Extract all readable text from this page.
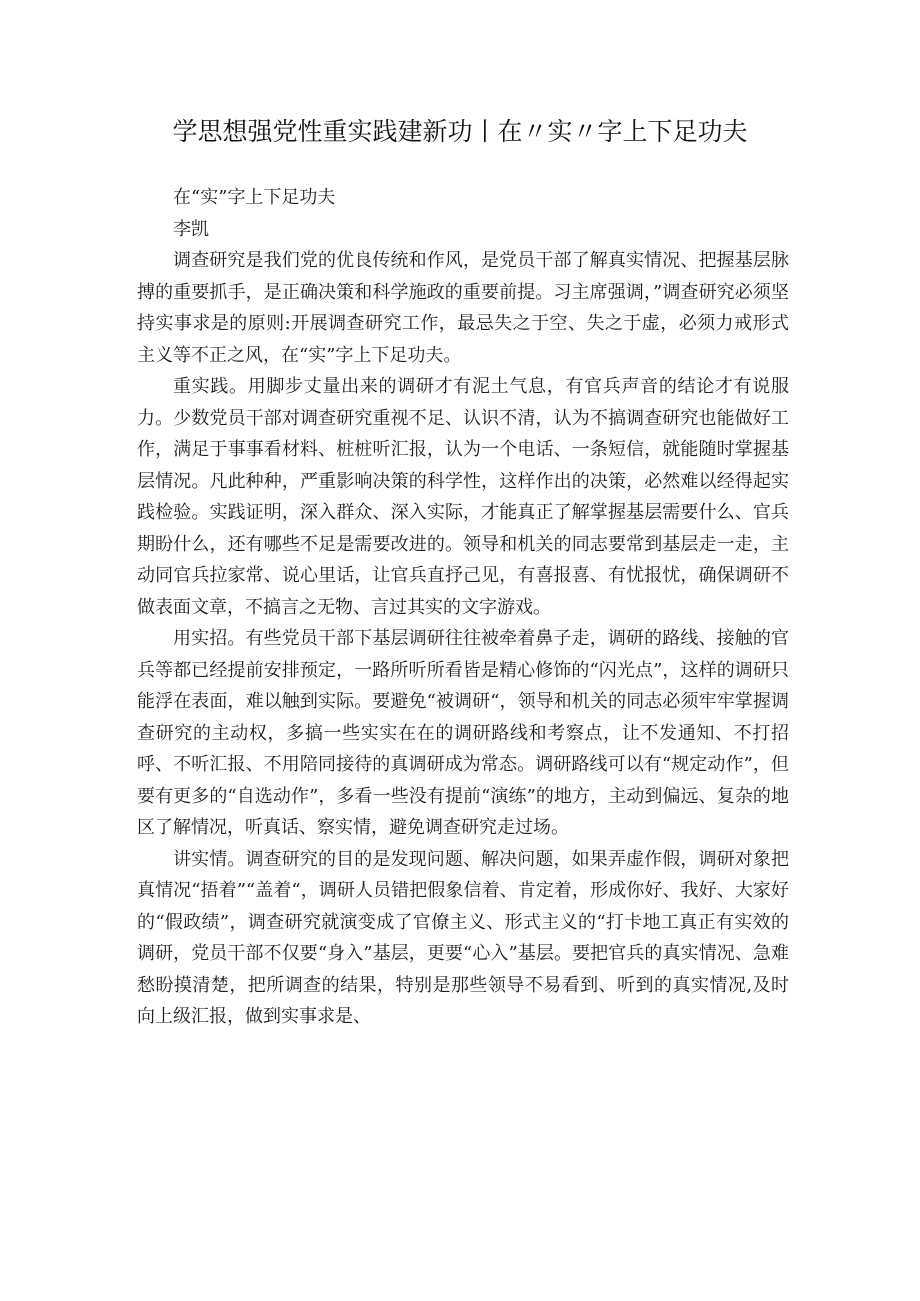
学思想强党性重实践建新功丨在〃实〃字上下足功夫

在“实”字上下足功夫

李凯

调查研究是我们党的优良传统和作风，是党员干部了解真实情况、把握基层脉搏的重要抓手，是正确决策和科学施政的重要前提。习主席强调，”调查研究必须坚持实事求是的原则:开展调查研究工作，最忌失之于空、失之于虚，必须力戒形式主义等不正之风，在“实”字上下足功夫。

重实践。用脚步丈量出来的调研才有泥土气息，有官兵声音的结论才有说服力。少数党员干部对调查研究重视不足、认识不清，认为不搞调查研究也能做好工作，满足于事事看材料、桩桩听汇报，认为一个电话、一条短信，就能随时掌握基层情况。凡此种种，严重影响决策的科学性，这样作出的决策，必然难以经得起实践检验。实践证明，深入群众、深入实际，才能真正了解掌握基层需要什么、官兵期盼什么，还有哪些不足是需要改进的。领导和机关的同志要常到基层走一走，主动同官兵拉家常、说心里话，让官兵直抒己见，有喜报喜、有忧报忧，确保调研不做表面文章，不搞言之无物、言过其实的文字游戏。

用实招。有些党员干部下基层调研往往被牵着鼻子走，调研的路线、接触的官兵等都已经提前安排预定，一路所听所看皆是精心修饰的“闪光点”，这样的调研只能浮在表面，难以触到实际。要避免“被调研“，领导和机关的同志必须牢牢掌握调查研究的主动权，多搞一些实实在在的调研路线和考察点，让不发通知、不打招呼、不听汇报、不用陪同接待的真调研成为常态。调研路线可以有“规定动作”，但要有更多的“自选动作”，多看一些没有提前“演练”的地方，主动到偏远、复杂的地区了解情况，听真话、察实情，避免调查研究走过场。

讲实情。调查研究的目的是发现问题、解决问题，如果弄虚作假，调研对象把真情况“捂着”“盖着“，调研人员错把假象信着、肯定着，形成你好、我好、大家好的“假政绩”，调查研究就演变成了官僚主义、形式主义的“打卡地工真正有实效的调研，党员干部不仅要“身入”基层，更要“心入”基层。要把官兵的真实情况、急难愁盼摸清楚，把所调查的结果，特别是那些领导不易看到、听到的真实情况,及时向上级汇报，做到实事求是、
